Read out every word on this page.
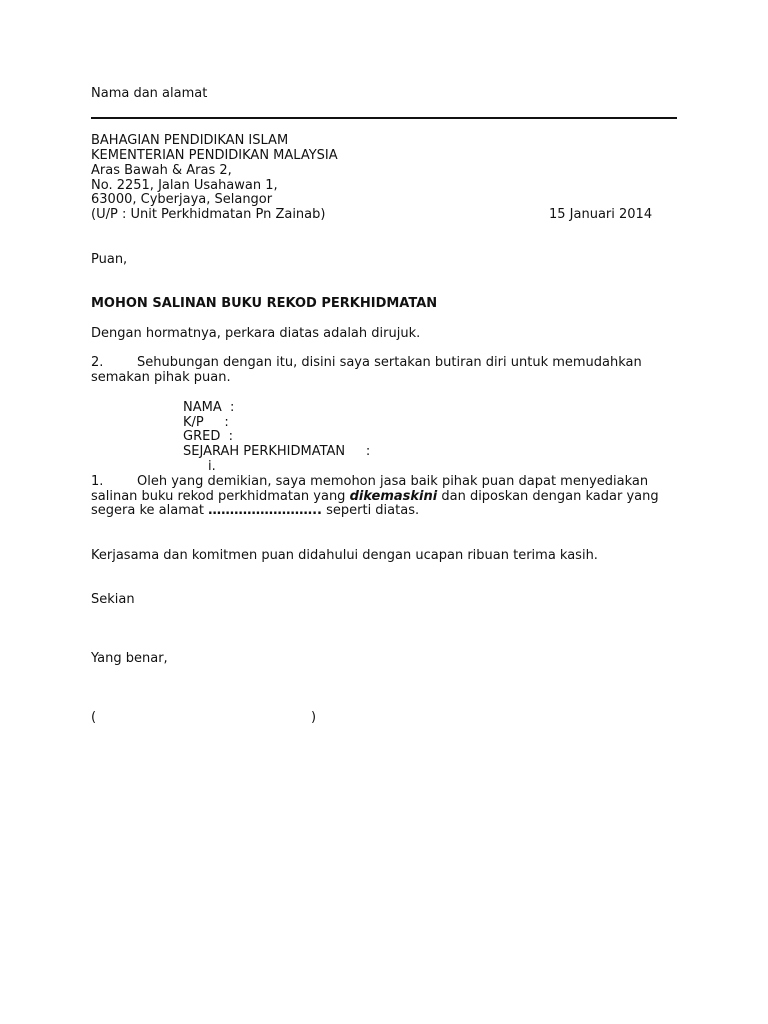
Nama dan alamat
BAHAGIAN PENDIDIKAN ISLAM
KEMENTERIAN PENDIDIKAN MALAYSIA
Aras Bawah & Aras 2,
No. 2251, Jalan Usahawan 1,
63000, Cyberjaya, Selangor
(U/P : Unit Perkhidmatan Pn Zainab)	15 Januari 2014
Puan,
MOHON SALINAN BUKU REKOD PERKHIDMATAN
Dengan hormatnya, perkara diatas adalah dirujuk.
2.	Sehubungan dengan itu, disini saya sertakan butiran diri untuk memudahkan
semakan pihak puan.
NAMA  :
K/P     :
GRED  :
SEJARAH PERKHIDMATAN     :
i.
1.	Oleh yang demikian, saya memohon jasa baik pihak puan dapat menyediakan
salinan buku rekod perkhidmatan yang dikemaskini dan diposkan dengan kadar yang
segera ke alamat …………………….. seperti diatas.
Kerjasama dan komitmen puan didahului dengan ucapan ribuan terima kasih.
Sekian
Yang benar,
(	)
